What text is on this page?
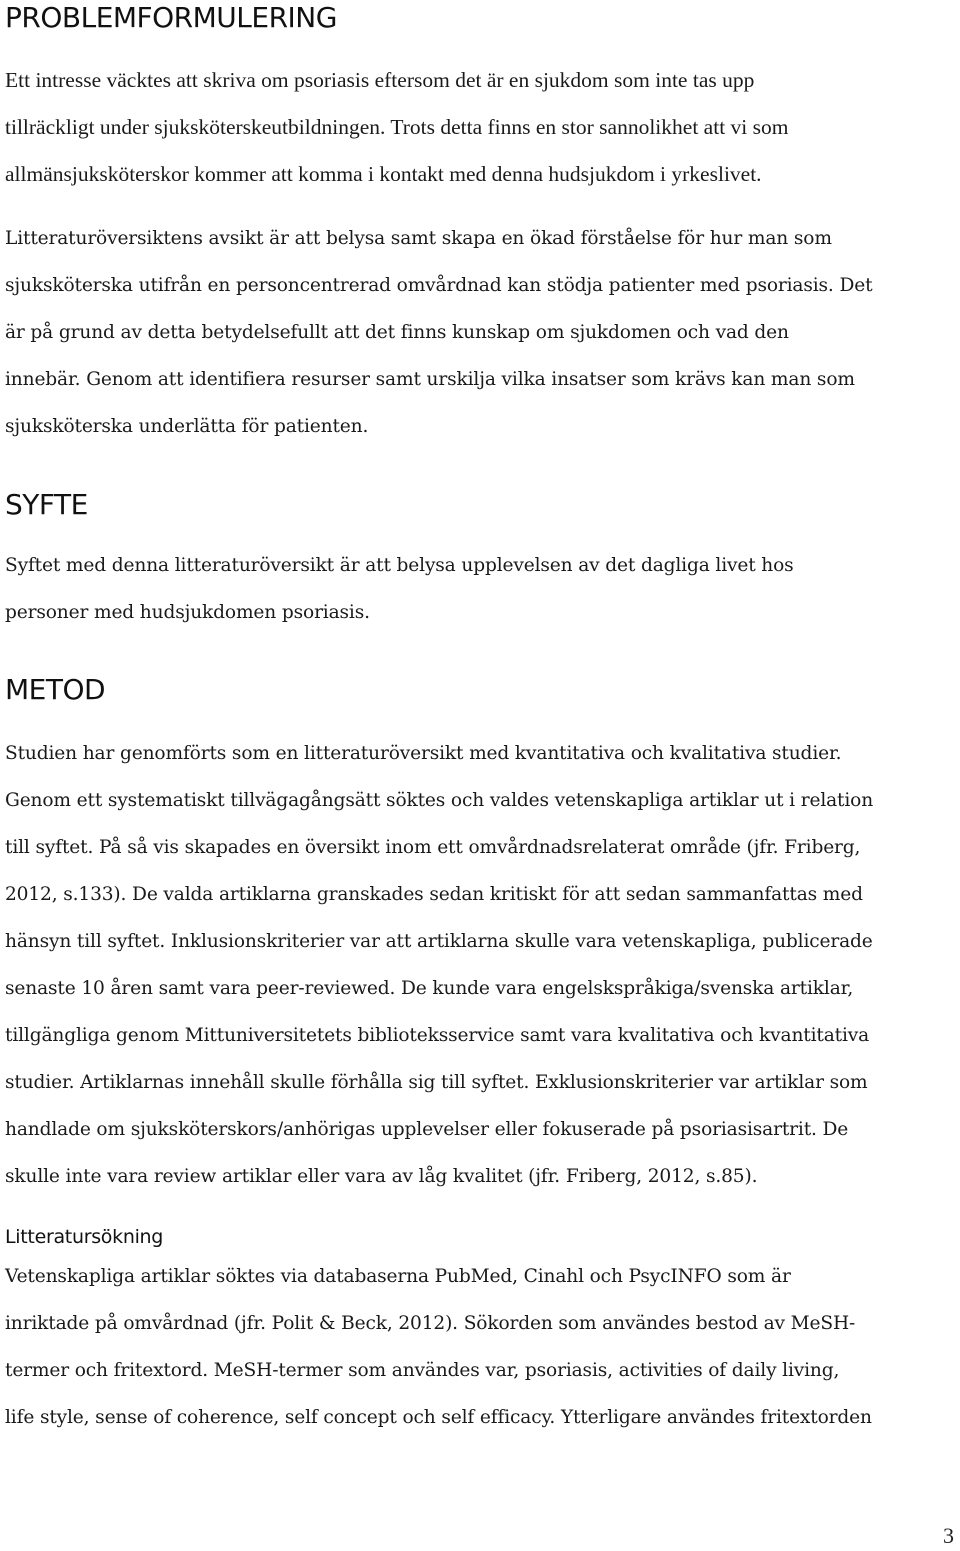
PROBLEMFORMULERING
Ett intresse väcktes att skriva om psoriasis eftersom det är en sjukdom som inte tas upp
tillräckligt under sjuksköterskeutbildningen. Trots detta finns en stor sannolikhet att vi som
allmänsjuksköterskor kommer att komma i kontakt med denna hudsjukdom i yrkeslivet.
Litteraturöversiktens avsikt är att belysa samt skapa en ökad förståelse för hur man som
sjuksköterska utifrån en personcentrerad omvårdnad kan stödja patienter med psoriasis. Det
är på grund av detta betydelsefullt att det finns kunskap om sjukdomen och vad den
innebär. Genom att identifiera resurser samt urskilja vilka insatser som krävs kan man som
sjuksköterska underlätta för patienten.
SYFTE
Syftet med denna litteraturöversikt är att belysa upplevelsen av det dagliga livet hos
personer med hudsjukdomen psoriasis.
METOD
Studien har genomförts som en litteraturöversikt med kvantitativa och kvalitativa studier.
Genom ett systematiskt tillvägagångsätt söktes och valdes vetenskapliga artiklar ut i relation
till syftet. På så vis skapades en översikt inom ett omvårdnadsrelaterat område (jfr. Friberg,
2012, s.133). De valda artiklarna granskades sedan kritiskt för att sedan sammanfattas med
hänsyn till syftet. Inklusionskriterier var att artiklarna skulle vara vetenskapliga, publicerade
senaste 10 åren samt vara peer-reviewed. De kunde vara engelskspråkiga/svenska artiklar,
tillgängliga genom Mittuniversitetets biblioteksservice samt vara kvalitativa och kvantitativa
studier. Artiklarnas innehåll skulle förhålla sig till syftet. Exklusionskriterier var artiklar som
handlade om sjuksköterskors/anhörigas upplevelser eller fokuserade på psoriasisartrit. De
skulle inte vara review artiklar eller vara av låg kvalitet (jfr. Friberg, 2012, s.85).
Litteratursökning
Vetenskapliga artiklar söktes via databaserna PubMed, Cinahl och PsycINFO som är
inriktade på omvårdnad (jfr. Polit & Beck, 2012). Sökorden som användes bestod av MeSH-
termer och fritextord. MeSH-termer som användes var, psoriasis, activities of daily living,
life style, sense of coherence, self concept och self efficacy. Ytterligare användes fritextorden
3
